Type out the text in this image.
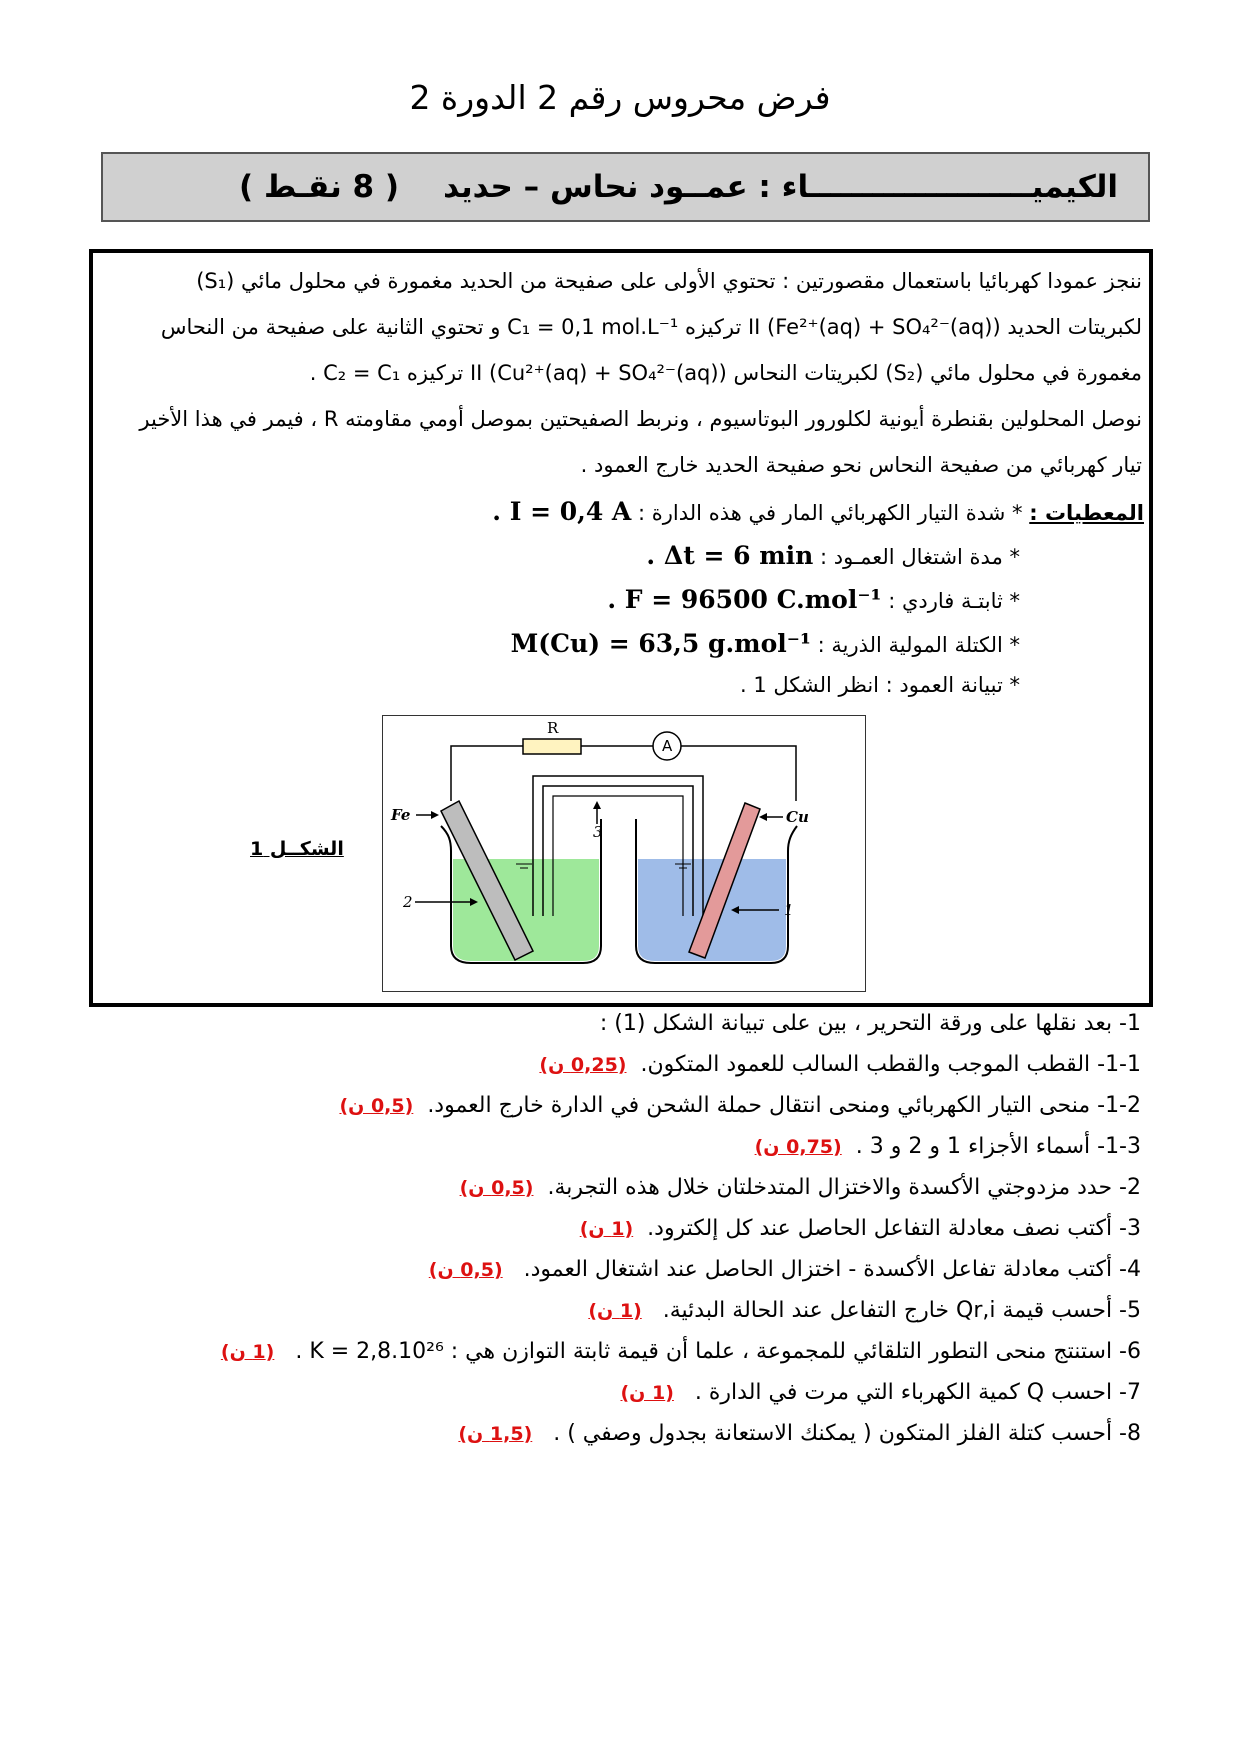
فرض محروس رقم 2 الدورة 2
الكيميـــــــــــــــــــــاء : عمــود نحاس – حديد
( 8 نقـط )
ننجز عمودا كهربائيا باستعمال مقصورتين : تحتوي الأولى على صفيحة من الحديد مغمورة في محلول مائي (S₁)
لكبريتات الحديد II (Fe²⁺(aq) + SO₄²⁻(aq)) تركيزه C₁ = 0,1 mol.L⁻¹ و تحتوي الثانية على صفيحة من النحاس
مغمورة في محلول مائي (S₂) لكبريتات النحاس II (Cu²⁺(aq) + SO₄²⁻(aq)) تركيزه C₂ = C₁ .
نوصل المحلولين بقنطرة أيونية لكلورور البوتاسيوم ، ونربط الصفيحتين بموصل أومي مقاومته R ، فيمر في هذا الأخير
تيار كهربائي من صفيحة النحاس نحو صفيحة الحديد خارج العمود .
المعطيات : * شدة التيار الكهربائي المار في هذه الدارة : I = 0,4 A .
* مدة اشتغال العمـود : Δt = 6 min .
* ثابتـة فاردي : F = 96500 C.mol⁻¹ .
* الكتلة المولية الذرية : M(Cu) = 63,5 g.mol⁻¹
* تبيانة العمود : انظر الشكل 1 .
الشكــل 1
R
A
Fe	Cu
2	1
3
1- بعد نقلها على ورقة التحرير ، بين على تبيانة الشكل (1) :
1-1- القطب الموجب والقطب السالب للعمود المتكون.  (0,25 ن)
1-2- منحى التيار الكهربائي ومنحى انتقال حملة الشحن في الدارة خارج العمود.  (0,5 ن)
1-3- أسماء الأجزاء 1 و 2 و 3 .  (0,75 ن)
2- حدد مزدوجتي الأكسدة والاختزال المتدخلتان خلال هذه التجربة.  (0,5 ن)
3- أكتب نصف معادلة التفاعل الحاصل عند كل إلكترود.  (1 ن)
4- أكتب معادلة تفاعل الأكسدة - اختزال الحاصل عند اشتغال العمود.   (0,5 ن)
5- أحسب قيمة Qr,i خارج التفاعل عند الحالة البدئية.   (1 ن)
6- استنتج منحى التطور التلقائي للمجموعة ، علما أن قيمة ثابتة التوازن هي : K = 2,8.10²⁶ .   (1 ن)
7- احسب Q كمية الكهرباء التي مرت في الدارة .   (1 ن)
8- أحسب كتلة الفلز المتكون ( يمكنك الاستعانة بجدول وصفي ) .   (1,5 ن)
